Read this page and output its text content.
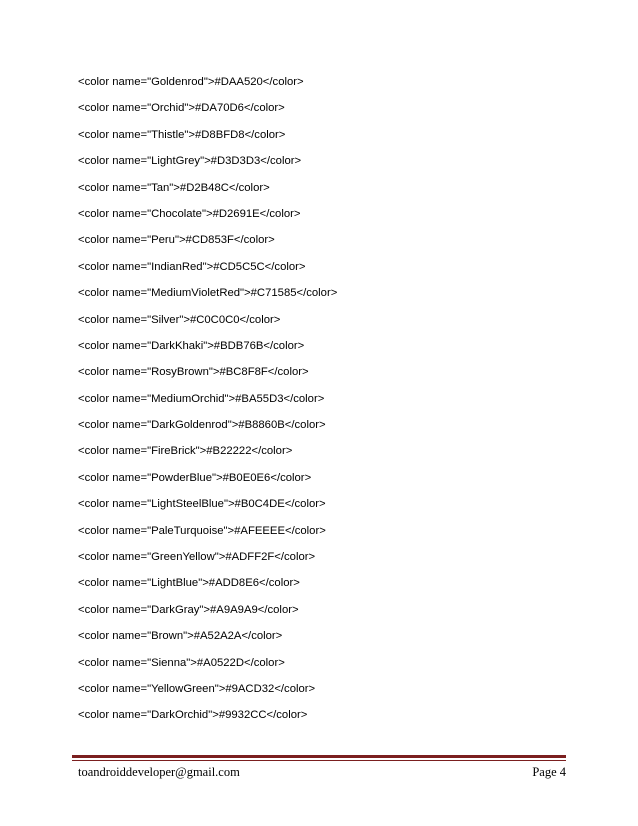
<color name="Goldenrod">#DAA520</color>
<color name="Orchid">#DA70D6</color>
<color name="Thistle">#D8BFD8</color>
<color name="LightGrey">#D3D3D3</color>
<color name="Tan">#D2B48C</color>
<color name="Chocolate">#D2691E</color>
<color name="Peru">#CD853F</color>
<color name="IndianRed">#CD5C5C</color>
<color name="MediumVioletRed">#C71585</color>
<color name="Silver">#C0C0C0</color>
<color name="DarkKhaki">#BDB76B</color>
<color name="RosyBrown">#BC8F8F</color>
<color name="MediumOrchid">#BA55D3</color>
<color name="DarkGoldenrod">#B8860B</color>
<color name="FireBrick">#B22222</color>
<color name="PowderBlue">#B0E0E6</color>
<color name="LightSteelBlue">#B0C4DE</color>
<color name="PaleTurquoise">#AFEEEE</color>
<color name="GreenYellow">#ADFF2F</color>
<color name="LightBlue">#ADD8E6</color>
<color name="DarkGray">#A9A9A9</color>
<color name="Brown">#A52A2A</color>
<color name="Sienna">#A0522D</color>
<color name="YellowGreen">#9ACD32</color>
<color name="DarkOrchid">#9932CC</color>
toandroiddeveloper@gmail.com	Page 4
